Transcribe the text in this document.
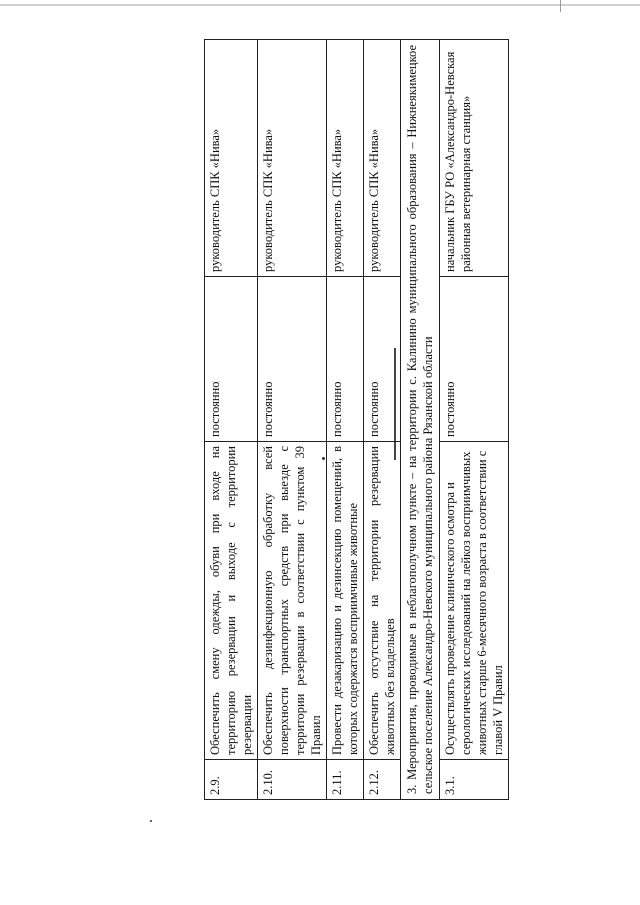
2.9.	Обеспечить смену одежды, обуви при входе на территорию резервации и выходе с территории резервации	постоянно	руководитель СПК «Нива»
2.10.	Обеспечить дезинфекционную обработку всей поверхности транспортных средств при выезде с территории резервации в соответствии с пунктом 39 Правил	постоянно	руководитель СПК «Нива»
2.11.	Провести дезакаризацию и дезинсекцию помещений, в которых содержатся восприимчивые животные	постоянно	руководитель СПК «Нива»
2.12.	Обеспечить отсутствие на территории резервации животных без владельцев	постоянно	руководитель СПК «Нива»
3. Мероприятия, проводимые в неблагополучном пункте – на территории с. Калинино муниципального образования – Нижнеякимецкое сельское поселение Александро-Невского муниципального района Рязанской области			
3.1.	Осуществлять проведение клинического осмотра и серологических исследований на лейкоз восприимчивых животных старше 6-месячного возраста в соответствии с главой V Правил	постоянно	начальник ГБУ РО «Александро-Невская районная ветеринарная станция»
